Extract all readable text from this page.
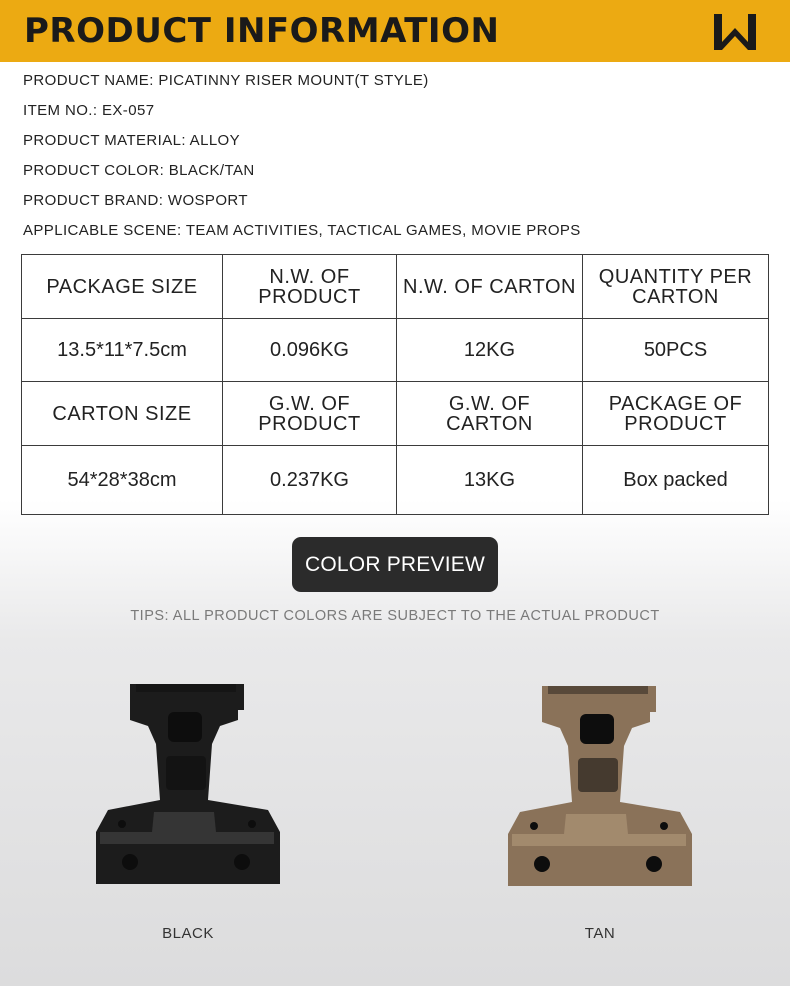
PRODUCT INFORMATION
PRODUCT NAME: PICATINNY RISER MOUNT(T STYLE)
ITEM NO.: EX-057
PRODUCT MATERIAL: ALLOY
PRODUCT COLOR: BLACK/TAN
PRODUCT BRAND: WOSPORT
APPLICABLE SCENE: TEAM ACTIVITIES, TACTICAL GAMES, MOVIE PROPS
PACKAGE SIZE	N.W. OF PRODUCT	N.W. OF CARTON	QUANTITY PER CARTON
13.5*11*7.5cm	0.096KG	12KG	50PCS
CARTON SIZE	G.W. OF PRODUCT	G.W. OF CARTON	PACKAGE OF PRODUCT
54*28*38cm	0.237KG	13KG	Box packed
COLOR PREVIEW
TIPS: ALL PRODUCT COLORS ARE SUBJECT TO THE ACTUAL PRODUCT
BLACK	TAN
